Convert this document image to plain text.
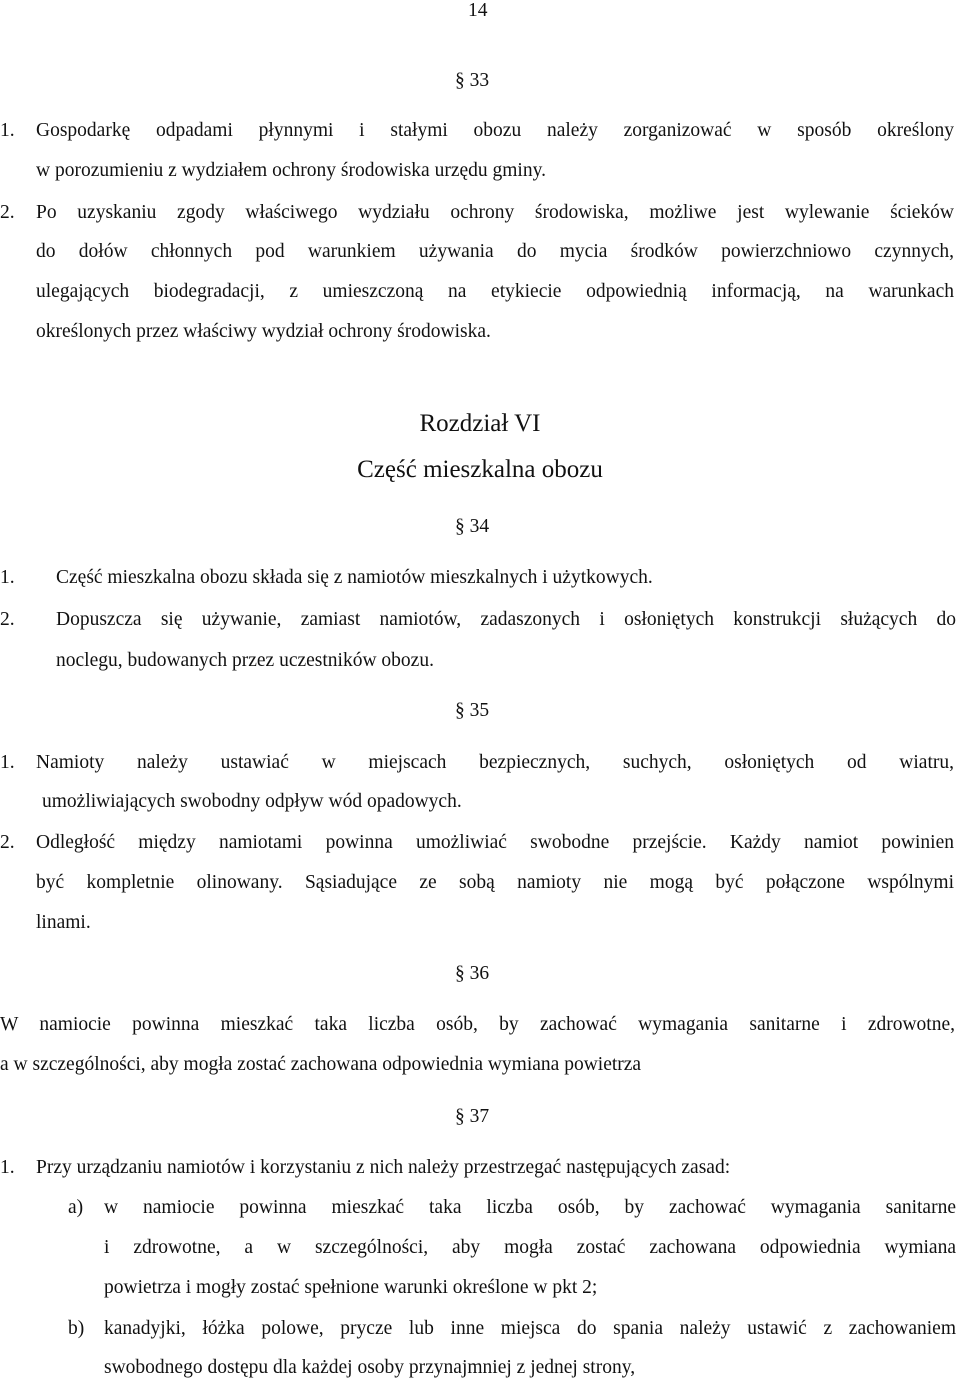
14
§ 33
1. Gospodarkę odpadami płynnymi i stałymi obozu należy zorganizować w sposób określony
w porozumieniu z wydziałem ochrony środowiska urzędu gminy.
2. Po uzyskaniu zgody właściwego wydziału ochrony środowiska, możliwe jest wylewanie ścieków
do dołów chłonnych pod warunkiem używania do mycia środków powierzchniowo czynnych,
ulegających biodegradacji, z umieszczoną na etykiecie odpowiednią informacją, na warunkach
określonych przez właściwy wydział ochrony środowiska.
Rozdział VI
Część mieszkalna obozu
§ 34
1. Część mieszkalna obozu składa się z namiotów mieszkalnych i użytkowych.
2. Dopuszcza się używanie, zamiast namiotów, zadaszonych i osłoniętych konstrukcji służących do
noclegu, budowanych przez uczestników obozu.
§ 35
1. Namioty należy ustawiać w miejscach bezpiecznych, suchych, osłoniętych od wiatru,
umożliwiających swobodny odpływ wód opadowych.
2. Odległość między namiotami powinna umożliwiać swobodne przejście. Każdy namiot powinien
być kompletnie olinowany. Sąsiadujące ze sobą namioty nie mogą być połączone wspólnymi
linami.
§ 36
W namiocie powinna mieszkać taka liczba osób, by zachować wymagania sanitarne i zdrowotne,
a w szczególności, aby mogła zostać zachowana odpowiednia wymiana powietrza
§ 37
1. Przy urządzaniu namiotów i korzystaniu z nich należy przestrzegać następujących zasad:
a) w namiocie powinna mieszkać taka liczba osób, by zachować wymagania sanitarne
i zdrowotne, a w szczególności, aby mogła zostać zachowana odpowiednia wymiana
powietrza i mogły zostać spełnione warunki określone w pkt 2;
b) kanadyjki, łóżka polowe, prycze lub inne miejsca do spania należy ustawić z zachowaniem
swobodnego dostępu dla każdej osoby przynajmniej z jednej strony,
